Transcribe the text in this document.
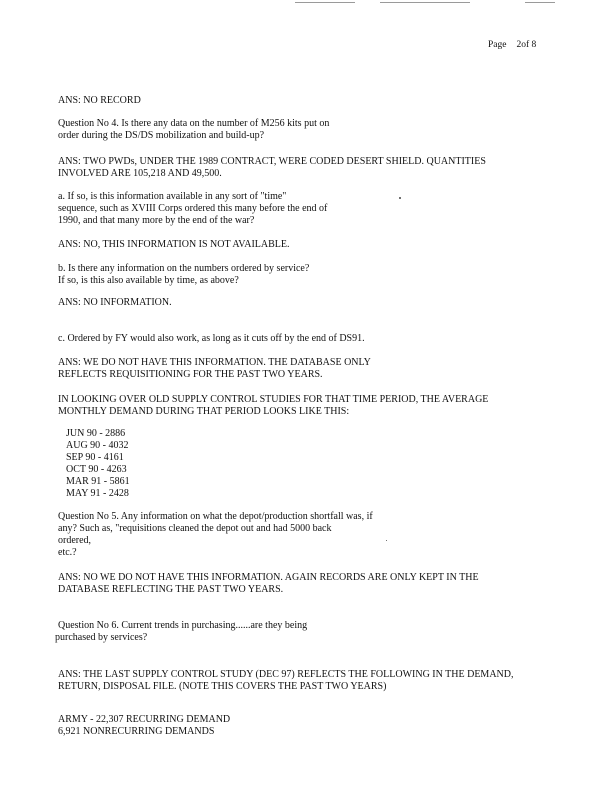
Page 2of 8
ANS: NO RECORD
Question No 4. Is there any data on the number of M256 kits put on
order during the DS/DS mobilization and build-up?
ANS: TWO PWDs, UNDER THE 1989 CONTRACT, WERE CODED DESERT SHIELD. QUANTITIES
INVOLVED ARE 105,218 AND 49,500.
a. If so, is this information available in any sort of "time"
sequence, such as XVIII Corps ordered this many before the end of
1990, and that many more by the end of the war?
ANS: NO, THIS INFORMATION IS NOT AVAILABLE.
b. Is there any information on the numbers ordered by service?
If so, is this also available by time, as above?
ANS: NO INFORMATION.
c. Ordered by FY would also work, as long as it cuts off by the end of DS91.
ANS: WE DO NOT HAVE THIS INFORMATION. THE DATABASE ONLY
REFLECTS REQUISITIONING FOR THE PAST TWO YEARS.
IN LOOKING OVER OLD SUPPLY CONTROL STUDIES FOR THAT TIME PERIOD, THE AVERAGE
MONTHLY DEMAND DURING THAT PERIOD LOOKS LIKE THIS:
JUN 90 - 2886
AUG 90 - 4032
SEP 90 - 4161
OCT 90 - 4263
MAR 91 - 5861
MAY 91 - 2428
Question No 5. Any information on what the depot/production shortfall was, if
any? Such as, "requisitions cleaned the depot out and had 5000 back
ordered,
etc.?
ANS: NO WE DO NOT HAVE THIS INFORMATION. AGAIN RECORDS ARE ONLY KEPT IN THE
DATABASE REFLECTING THE PAST TWO YEARS.
Question No 6. Current trends in purchasing......are they being
purchased by services?
ANS: THE LAST SUPPLY CONTROL STUDY (DEC 97) REFLECTS THE FOLLOWING IN THE DEMAND,
RETURN, DISPOSAL FILE. (NOTE THIS COVERS THE PAST TWO YEARS)
ARMY - 22,307 RECURRING DEMAND
6,921 NONRECURRING DEMANDS
